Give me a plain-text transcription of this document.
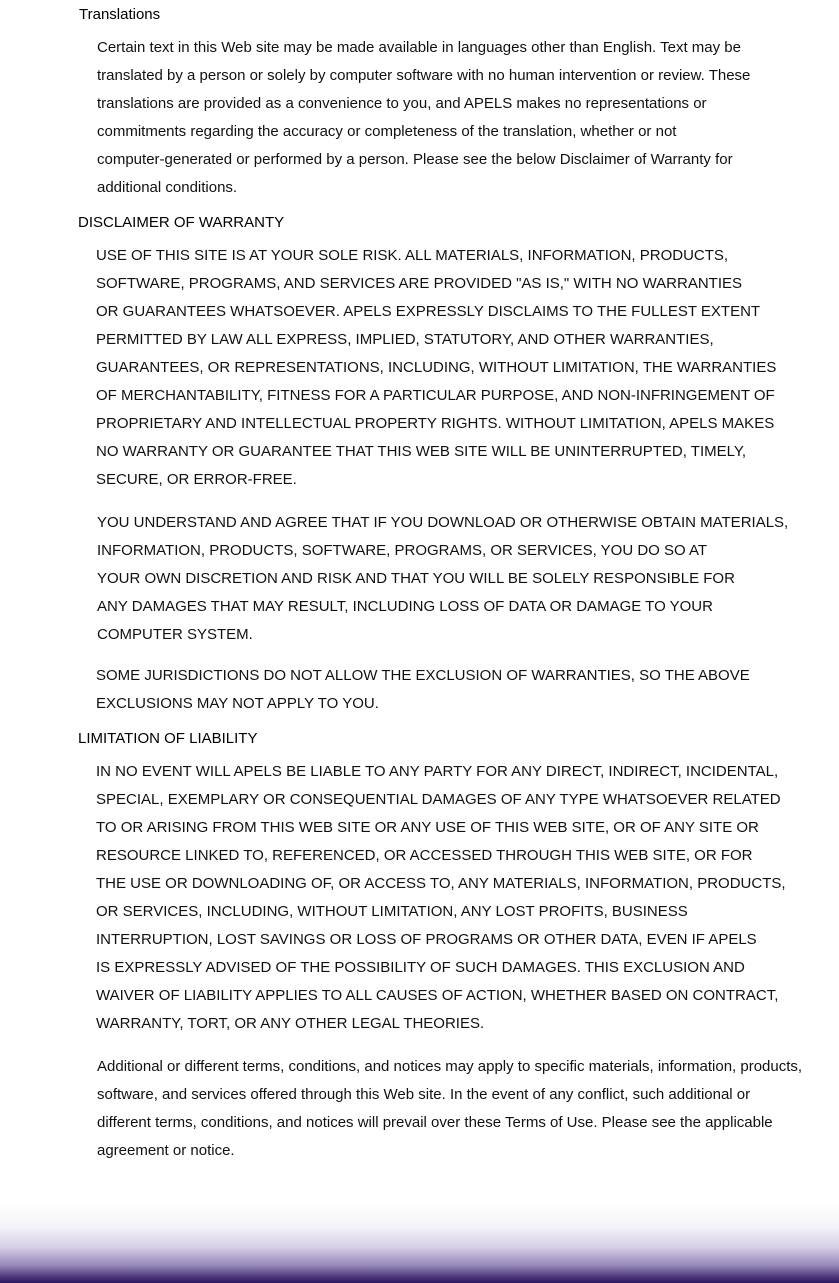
Translations
Certain text in this Web site may be made available in languages other than English. Text may be
translated by a person or solely by computer software with no human intervention or review. These
translations are provided as a convenience to you, and APELS makes no representations or
commitments regarding the accuracy or completeness of the translation, whether or not
computer-generated or performed by a person. Please see the below Disclaimer of Warranty for
additional conditions.
DISCLAIMER OF WARRANTY
USE OF THIS SITE IS AT YOUR SOLE RISK. ALL MATERIALS, INFORMATION, PRODUCTS,
SOFTWARE, PROGRAMS, AND SERVICES ARE PROVIDED "AS IS," WITH NO WARRANTIES
OR GUARANTEES WHATSOEVER. APELS EXPRESSLY DISCLAIMS TO THE FULLEST EXTENT
PERMITTED BY LAW ALL EXPRESS, IMPLIED, STATUTORY, AND OTHER WARRANTIES,
GUARANTEES, OR REPRESENTATIONS, INCLUDING, WITHOUT LIMITATION, THE WARRANTIES
OF MERCHANTABILITY, FITNESS FOR A PARTICULAR PURPOSE, AND NON-INFRINGEMENT OF
PROPRIETARY AND INTELLECTUAL PROPERTY RIGHTS. WITHOUT LIMITATION, APELS MAKES
NO WARRANTY OR GUARANTEE THAT THIS WEB SITE WILL BE UNINTERRUPTED, TIMELY,
SECURE, OR ERROR-FREE.
YOU UNDERSTAND AND AGREE THAT IF YOU DOWNLOAD OR OTHERWISE OBTAIN MATERIALS,
INFORMATION, PRODUCTS, SOFTWARE, PROGRAMS, OR SERVICES, YOU DO SO AT
YOUR OWN DISCRETION AND RISK AND THAT YOU WILL BE SOLELY RESPONSIBLE FOR
ANY DAMAGES THAT MAY RESULT, INCLUDING LOSS OF DATA OR DAMAGE TO YOUR
COMPUTER SYSTEM.
SOME JURISDICTIONS DO NOT ALLOW THE EXCLUSION OF WARRANTIES, SO THE ABOVE
EXCLUSIONS MAY NOT APPLY TO YOU.
LIMITATION OF LIABILITY
IN NO EVENT WILL APELS BE LIABLE TO ANY PARTY FOR ANY DIRECT, INDIRECT, INCIDENTAL,
SPECIAL, EXEMPLARY OR CONSEQUENTIAL DAMAGES OF ANY TYPE WHATSOEVER RELATED
TO OR ARISING FROM THIS WEB SITE OR ANY USE OF THIS WEB SITE, OR OF ANY SITE OR
RESOURCE LINKED TO, REFERENCED, OR ACCESSED THROUGH THIS WEB SITE, OR FOR
THE USE OR DOWNLOADING OF, OR ACCESS TO, ANY MATERIALS, INFORMATION, PRODUCTS,
OR SERVICES, INCLUDING, WITHOUT LIMITATION, ANY LOST PROFITS, BUSINESS
INTERRUPTION, LOST SAVINGS OR LOSS OF PROGRAMS OR OTHER DATA, EVEN IF APELS
IS EXPRESSLY ADVISED OF THE POSSIBILITY OF SUCH DAMAGES. THIS EXCLUSION AND
WAIVER OF LIABILITY APPLIES TO ALL CAUSES OF ACTION, WHETHER BASED ON CONTRACT,
WARRANTY, TORT, OR ANY OTHER LEGAL THEORIES.
Additional or different terms, conditions, and notices may apply to specific materials, information, products,
software, and services offered through this Web site. In the event of any conflict, such additional or
different terms, conditions, and notices will prevail over these Terms of Use. Please see the applicable
agreement or notice.
